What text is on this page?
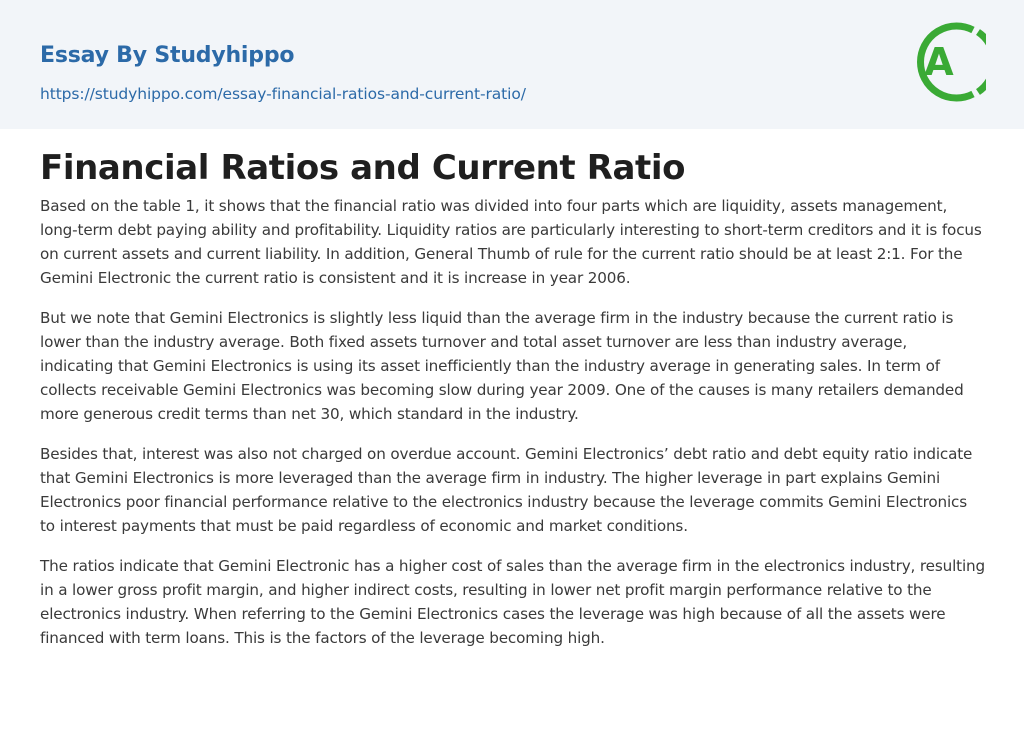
Essay By Studyhippo
https://studyhippo.com/essay-financial-ratios-and-current-ratio/
A
Financial Ratios and Current Ratio

Based on the table 1, it shows that the financial ratio was divided into four parts which are liquidity, assets management, long-term debt paying ability and profitability. Liquidity ratios are particularly interesting to short-term creditors and it is focus on current assets and current liability. In addition, General Thumb of rule for the current ratio should be at least 2:1. For the Gemini Electronic the current ratio is consistent and it is increase in year 2006.

But we note that Gemini Electronics is slightly less liquid than the average firm in the industry because the current ratio is lower than the industry average. Both fixed assets turnover and total asset turnover are less than industry average, indicating that Gemini Electronics is using its asset inefficiently than the industry average in generating sales. In term of collects receivable Gemini Electronics was becoming slow during year 2009. One of the causes is many retailers demanded more generous credit terms than net 30, which standard in the industry.

Besides that, interest was also not charged on overdue account. Gemini Electronics’ debt ratio and debt equity ratio indicate that Gemini Electronics is more leveraged than the average firm in industry. The higher leverage in part explains Gemini Electronics poor financial performance relative to the electronics industry because the leverage commits Gemini Electronics to interest payments that must be paid regardless of economic and market conditions.

The ratios indicate that Gemini Electronic has a higher cost of sales than the average firm in the electronics industry, resulting in a lower gross profit margin, and higher indirect costs, resulting in lower net profit margin performance relative to the electronics industry. When referring to the Gemini Electronics cases the leverage was high because of all the assets were financed with term loans. This is the factors of the leverage becoming high.
